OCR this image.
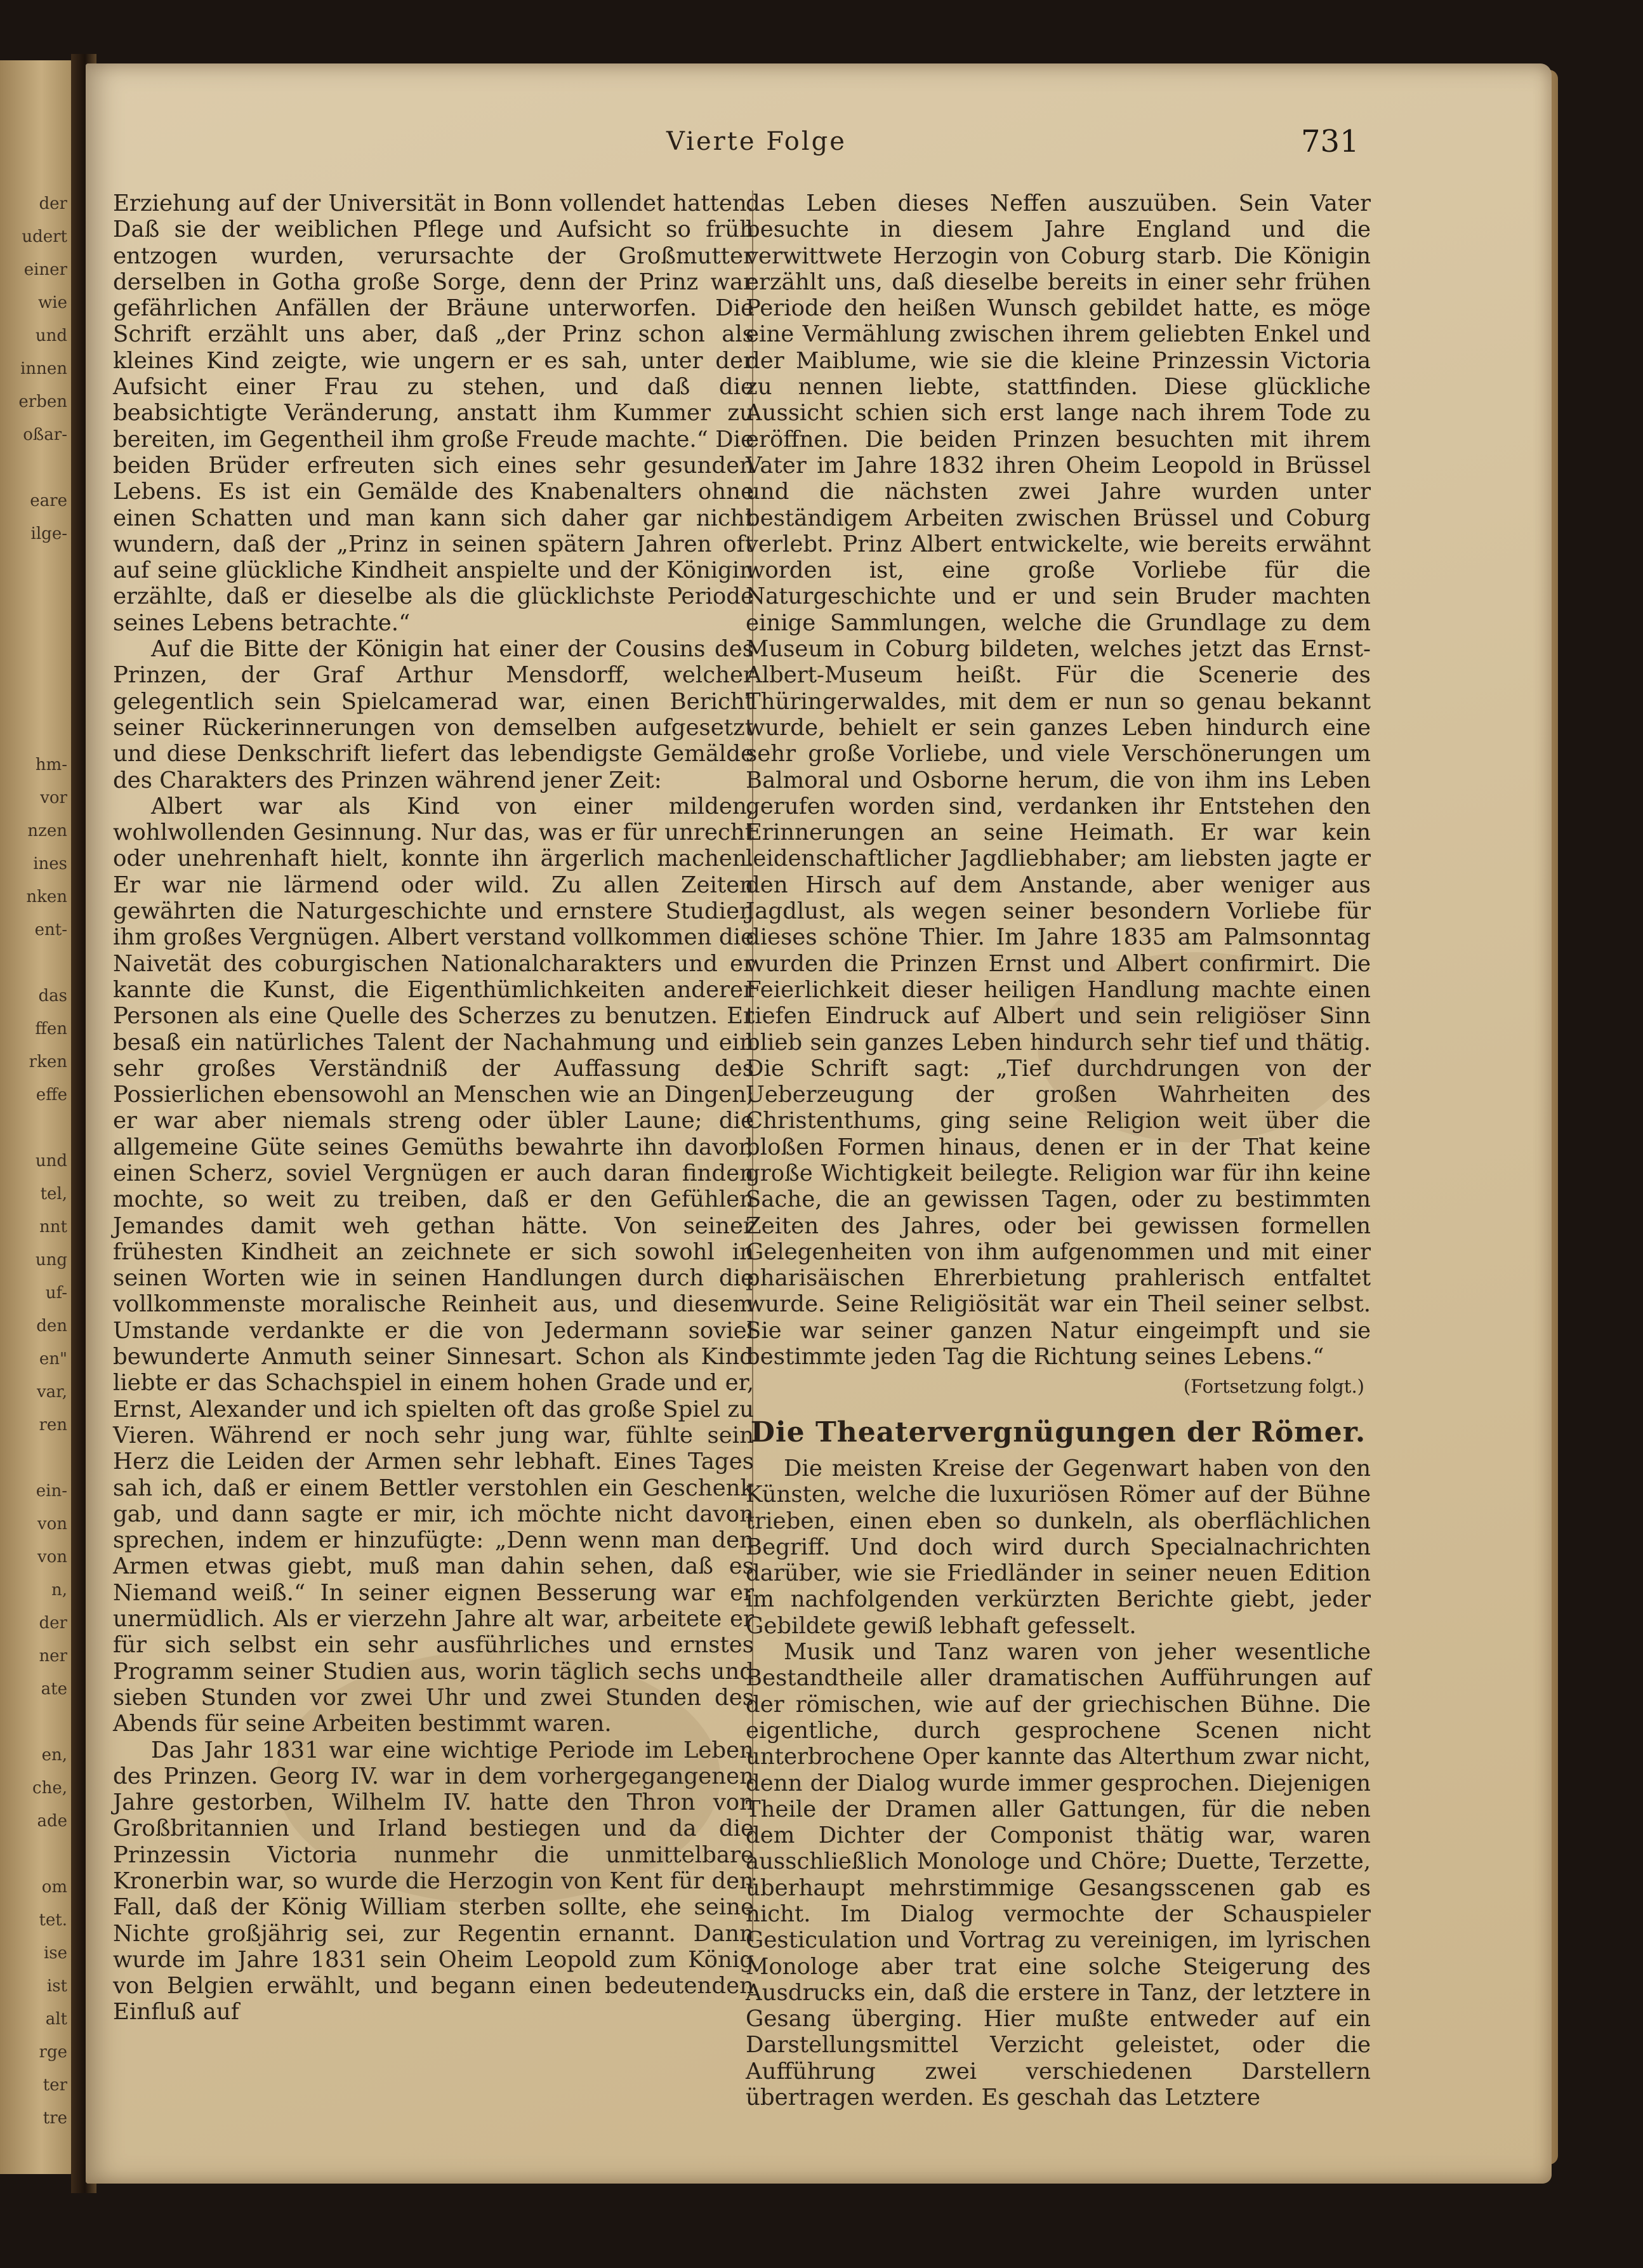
der
udert
einer
wie
und
innen
erben
oßar-
eare
ilge-
hm-
vor
nzen
ines
nken
ent-
das
ffen
rken
effe
und
tel,
nnt
ung
uf-
den
en"
var,
ren
ein-
von
von
n,
der
ner
ate
en,
che,
ade
om
tet.
ise
ist
alt
rge
ter
tre
Vierte Folge	731

Erziehung auf der Universität in Bonn vollendet hatten. Daß sie der weiblichen Pflege und Aufsicht so früh entzogen wurden, verursachte der Großmutter derselben in Gotha große Sorge, denn der Prinz war gefährlichen Anfällen der Bräune unterworfen. Die Schrift erzählt uns aber, daß „der Prinz schon als kleines Kind zeigte, wie ungern er es sah, unter der Aufsicht einer Frau zu stehen, und daß die beabsichtigte Veränderung, anstatt ihm Kummer zu bereiten, im Gegentheil ihm große Freude machte.“ Die beiden Brüder erfreuten sich eines sehr gesunden Lebens. Es ist ein Gemälde des Knabenalters ohne einen Schatten und man kann sich daher gar nicht wundern, daß der „Prinz in seinen spätern Jahren oft auf seine glückliche Kindheit anspielte und der Königin erzählte, daß er dieselbe als die glücklichste Periode seines Lebens betrachte.“

Auf die Bitte der Königin hat einer der Cousins des Prinzen, der Graf Arthur Mensdorff, welcher gelegentlich sein Spielcamerad war, einen Bericht seiner Rückerinnerungen von demselben aufgesetzt und diese Denkschrift liefert das lebendigste Gemälde des Charakters des Prinzen während jener Zeit:

Albert war als Kind von einer milden, wohlwollenden Gesinnung. Nur das, was er für unrecht oder unehrenhaft hielt, konnte ihn ärgerlich machen. Er war nie lärmend oder wild. Zu allen Zeiten gewährten die Naturgeschichte und ernstere Studien ihm großes Vergnügen. Albert verstand vollkommen die Naivetät des coburgischen Nationalcharakters und er kannte die Kunst, die Eigenthümlichkeiten anderer Personen als eine Quelle des Scherzes zu benutzen. Er besaß ein natürliches Talent der Nachahmung und ein sehr großes Verständniß der Auffassung des Possierlichen ebensowohl an Menschen wie an Dingen; er war aber niemals streng oder übler Laune; die allgemeine Güte seines Gemüths bewahrte ihn davor, einen Scherz, soviel Vergnügen er auch daran finden mochte, so weit zu treiben, daß er den Gefühlen Jemandes damit weh gethan hätte. Von seiner frühesten Kindheit an zeichnete er sich sowohl in seinen Worten wie in seinen Handlungen durch die vollkommenste moralische Reinheit aus, und diesem Umstande verdankte er die von Jedermann soviel bewunderte Anmuth seiner Sinnesart. Schon als Kind liebte er das Schachspiel in einem hohen Grade und er, Ernst, Alexander und ich spielten oft das große Spiel zu Vieren. Während er noch sehr jung war, fühlte sein Herz die Leiden der Armen sehr lebhaft. Eines Tages sah ich, daß er einem Bettler verstohlen ein Geschenk gab, und dann sagte er mir, ich möchte nicht davon sprechen, indem er hinzufügte: „Denn wenn man den Armen etwas giebt, muß man dahin sehen, daß es Niemand weiß.“ In seiner eignen Besserung war er unermüdlich. Als er vierzehn Jahre alt war, arbeitete er für sich selbst ein sehr ausführliches und ernstes Programm seiner Studien aus, worin täglich sechs und sieben Stunden vor zwei Uhr und zwei Stunden des Abends für seine Arbeiten bestimmt waren.

Das Jahr 1831 war eine wichtige Periode im Leben des Prinzen. Georg IV. war in dem vorhergegangenen Jahre gestorben, Wilhelm IV. hatte den Thron von Großbritannien und Irland bestiegen und da die Prinzessin Victoria nunmehr die unmittelbare Kronerbin war, so wurde die Herzogin von Kent für den Fall, daß der König William sterben sollte, ehe seine Nichte großjährig sei, zur Regentin ernannt. Dann wurde im Jahre 1831 sein Oheim Leopold zum König von Belgien erwählt, und begann einen bedeutenden Einfluß auf

das Leben dieses Neffen auszuüben. Sein Vater besuchte in diesem Jahre England und die verwittwete Herzogin von Coburg starb. Die Königin erzählt uns, daß dieselbe bereits in einer sehr frühen Periode den heißen Wunsch gebildet hatte, es möge eine Vermählung zwischen ihrem geliebten Enkel und der Maiblume, wie sie die kleine Prinzessin Victoria zu nennen liebte, stattfinden. Diese glückliche Aussicht schien sich erst lange nach ihrem Tode zu eröffnen. Die beiden Prinzen besuchten mit ihrem Vater im Jahre 1832 ihren Oheim Leopold in Brüssel und die nächsten zwei Jahre wurden unter beständigem Arbeiten zwischen Brüssel und Coburg verlebt. Prinz Albert entwickelte, wie bereits erwähnt worden ist, eine große Vorliebe für die Naturgeschichte und er und sein Bruder machten einige Sammlungen, welche die Grundlage zu dem Museum in Coburg bildeten, welches jetzt das Ernst-Albert-Museum heißt. Für die Scenerie des Thüringerwaldes, mit dem er nun so genau bekannt wurde, behielt er sein ganzes Leben hindurch eine sehr große Vorliebe, und viele Verschönerungen um Balmoral und Osborne herum, die von ihm ins Leben gerufen worden sind, verdanken ihr Entstehen den Erinnerungen an seine Heimath. Er war kein leidenschaftlicher Jagdliebhaber; am liebsten jagte er den Hirsch auf dem Anstande, aber weniger aus Jagdlust, als wegen seiner besondern Vorliebe für dieses schöne Thier. Im Jahre 1835 am Palmsonntag wurden die Prinzen Ernst und Albert confirmirt. Die Feierlichkeit dieser heiligen Handlung machte einen tiefen Eindruck auf Albert und sein religiöser Sinn blieb sein ganzes Leben hindurch sehr tief und thätig. Die Schrift sagt: „Tief durchdrungen von der Ueberzeugung der großen Wahrheiten des Christenthums, ging seine Religion weit über die bloßen Formen hinaus, denen er in der That keine große Wichtigkeit beilegte. Religion war für ihn keine Sache, die an gewissen Tagen, oder zu bestimmten Zeiten des Jahres, oder bei gewissen formellen Gelegenheiten von ihm aufgenommen und mit einer pharisäischen Ehrerbietung prahlerisch entfaltet wurde. Seine Religiösität war ein Theil seiner selbst. Sie war seiner ganzen Natur eingeimpft und sie bestimmte jeden Tag die Richtung seines Lebens.“

(Fortsetzung folgt.)
Die Theatervergnügungen der Römer.

Die meisten Kreise der Gegenwart haben von den Künsten, welche die luxuriösen Römer auf der Bühne trieben, einen eben so dunkeln, als oberflächlichen Begriff. Und doch wird durch Specialnachrichten darüber, wie sie Friedländer in seiner neuen Edition im nachfolgenden verkürzten Berichte giebt, jeder Gebildete gewiß lebhaft gefesselt.

Musik und Tanz waren von jeher wesentliche Bestandtheile aller dramatischen Aufführungen auf der römischen, wie auf der griechischen Bühne. Die eigentliche, durch gesprochene Scenen nicht unterbrochene Oper kannte das Alterthum zwar nicht, denn der Dialog wurde immer gesprochen. Diejenigen Theile der Dramen aller Gattungen, für die neben dem Dichter der Componist thätig war, waren ausschließlich Monologe und Chöre; Duette, Terzette, überhaupt mehrstimmige Gesangsscenen gab es nicht. Im Dialog vermochte der Schauspieler Gesticulation und Vortrag zu vereinigen, im lyrischen Monologe aber trat eine solche Steigerung des Ausdrucks ein, daß die erstere in Tanz, der letztere in Gesang überging. Hier mußte entweder auf ein Darstellungsmittel Verzicht geleistet, oder die Aufführung zwei verschiedenen Darstellern übertragen werden. Es geschah das Letztere
